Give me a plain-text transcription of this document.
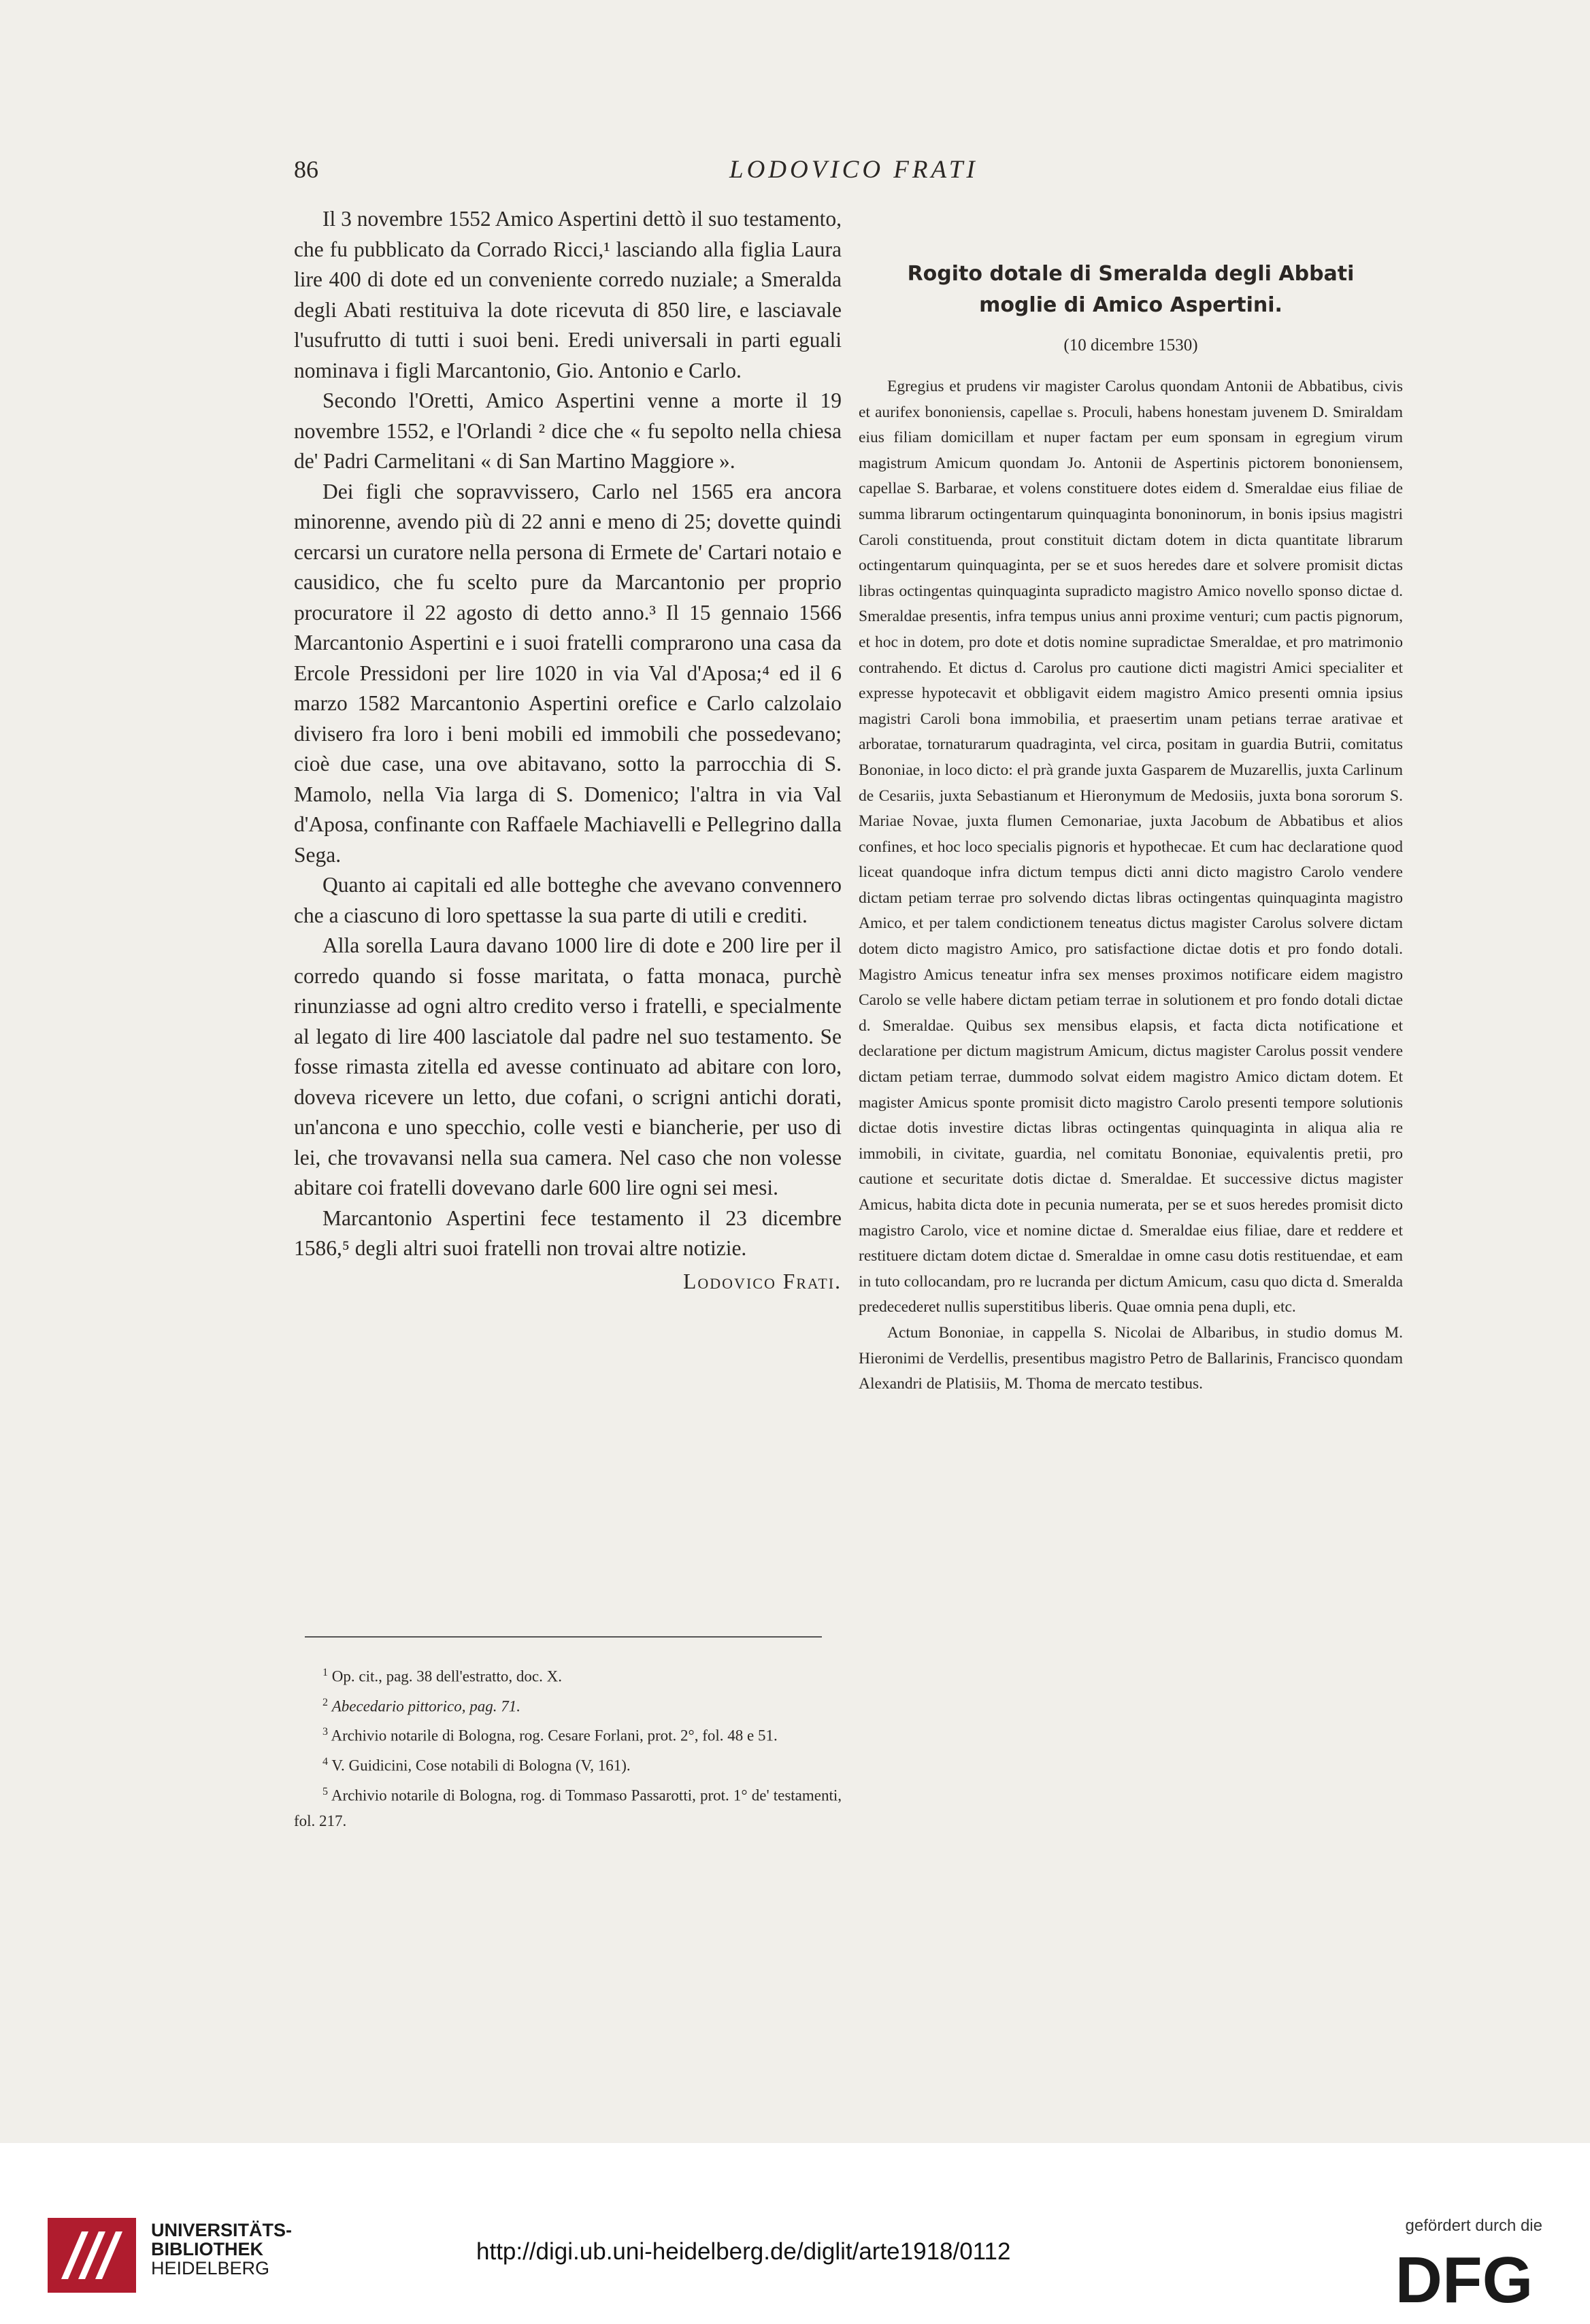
86	LODOVICO FRATI

Il 3 novembre 1552 Amico Aspertini dettò il suo testamento, che fu pubblicato da Corrado Ricci,¹ lasciando alla figlia Laura lire 400 di dote ed un conveniente corredo nuziale; a Smeralda degli Abati restituiva la dote ricevuta di 850 lire, e lasciavale l'usufrutto di tutti i suoi beni. Eredi universali in parti eguali nominava i figli Marcantonio, Gio. Antonio e Carlo.

Secondo l'Oretti, Amico Aspertini venne a morte il 19 novembre 1552, e l'Orlandi ² dice che « fu sepolto nella chiesa de' Padri Carmelitani « di San Martino Maggiore ».

Dei figli che sopravvissero, Carlo nel 1565 era ancora minorenne, avendo più di 22 anni e meno di 25; dovette quindi cercarsi un curatore nella persona di Ermete de' Cartari notaio e causidico, che fu scelto pure da Marcantonio per proprio procuratore il 22 agosto di detto anno.³ Il 15 gennaio 1566 Marcantonio Aspertini e i suoi fratelli comprarono una casa da Ercole Pressidoni per lire 1020 in via Val d'Aposa;⁴ ed il 6 marzo 1582 Marcantonio Aspertini orefice e Carlo calzolaio divisero fra loro i beni mobili ed immobili che possedevano; cioè due case, una ove abitavano, sotto la parrocchia di S. Mamolo, nella Via larga di S. Domenico; l'altra in via Val d'Aposa, confinante con Raffaele Machiavelli e Pellegrino dalla Sega.

Quanto ai capitali ed alle botteghe che avevano convennero che a ciascuno di loro spettasse la sua parte di utili e crediti.

Alla sorella Laura davano 1000 lire di dote e 200 lire per il corredo quando si fosse maritata, o fatta monaca, purchè rinunziasse ad ogni altro credito verso i fratelli, e specialmente al legato di lire 400 lasciatole dal padre nel suo testamento. Se fosse rimasta zitella ed avesse continuato ad abitare con loro, doveva ricevere un letto, due cofani, o scrigni antichi dorati, un'ancona e uno specchio, colle vesti e biancherie, per uso di lei, che trovavansi nella sua camera. Nel caso che non volesse abitare coi fratelli dovevano darle 600 lire ogni sei mesi.

Marcantonio Aspertini fece testamento il 23 dicembre 1586,⁵ degli altri suoi fratelli non trovai altre notizie.

Lodovico Frati.
$^1$ Op. cit., pag. 38 dell'estratto, doc. X.
$^2$ Abecedario pittorico, pag. 71.
$^3$ Archivio notarile di Bologna, rog. Cesare Forlani, prot. 2°, fol. 48 e 51.
$^4$ V. Guidicini, Cose notabili di Bologna (V, 161).
$^5$ Archivio notarile di Bologna, rog. di Tommaso Passarotti, prot. 1° de' testamenti, fol. 217.
Rogito dotale di Smeralda degli Abbati
moglie di Amico Aspertini.
(10 dicembre 1530)

Egregius et prudens vir magister Carolus quondam Antonii de Abbatibus, civis et aurifex bononiensis, capellae s. Proculi, habens honestam juvenem D. Smiraldam eius filiam domicillam et nuper factam per eum sponsam in egregium virum magistrum Amicum quondam Jo. Antonii de Aspertinis pictorem bononiensem, capellae S. Barbarae, et volens constituere dotes eidem d. Smeraldae eius filiae de summa librarum octingentarum quinquaginta bononinorum, in bonis ipsius magistri Caroli constituenda, prout constituit dictam dotem in dicta quantitate librarum octingentarum quinquaginta, per se et suos heredes dare et solvere promisit dictas libras octingentas quinquaginta supradicto magistro Amico novello sponso dictae d. Smeraldae presentis, infra tempus unius anni proxime venturi; cum pactis pignorum, et hoc in dotem, pro dote et dotis nomine supradictae Smeraldae, et pro matrimonio contrahendo. Et dictus d. Carolus pro cautione dicti magistri Amici specialiter et expresse hypotecavit et obbligavit eidem magistro Amico presenti omnia ipsius magistri Caroli bona immobilia, et praesertim unam petians terrae arativae et arboratae, tornaturarum quadraginta, vel circa, positam in guardia Butrii, comitatus Bononiae, in loco dicto: el prà grande juxta Gasparem de Muzarellis, juxta Carlinum de Cesariis, juxta Sebastianum et Hieronymum de Medosiis, juxta bona sororum S. Mariae Novae, juxta flumen Cemonariae, juxta Jacobum de Abbatibus et alios confines, et hoc loco specialis pignoris et hypothecae. Et cum hac declaratione quod liceat quandoque infra dictum tempus dicti anni dicto magistro Carolo vendere dictam petiam terrae pro solvendo dictas libras octingentas quinquaginta magistro Amico, et per talem condictionem teneatus dictus magister Carolus solvere dictam dotem dicto magistro Amico, pro satisfactione dictae dotis et pro fondo dotali. Magistro Amicus teneatur infra sex menses proximos notificare eidem magistro Carolo se velle habere dictam petiam terrae in solutionem et pro fondo dotali dictae d. Smeraldae. Quibus sex mensibus elapsis, et facta dicta notificatione et declaratione per dictum magistrum Amicum, dictus magister Carolus possit vendere dictam petiam terrae, dummodo solvat eidem magistro Amico dictam dotem. Et magister Amicus sponte promisit dicto magistro Carolo presenti tempore solutionis dictae dotis investire dictas libras octingentas quinquaginta in aliqua alia re immobili, in civitate, guardia, nel comitatu Bononiae, equivalentis pretii, pro cautione et securitate dotis dictae d. Smeraldae. Et successive dictus magister Amicus, habita dicta dote in pecunia numerata, per se et suos heredes promisit dicto magistro Carolo, vice et nomine dictae d. Smeraldae eius filiae, dare et reddere et restituere dictam dotem dictae d. Smeraldae in omne casu dotis restituendae, et eam in tuto collocandam, pro re lucranda per dictum Amicum, casu quo dicta d. Smeralda predecederet nullis superstitibus liberis. Quae omnia pena dupli, etc.

Actum Bononiae, in cappella S. Nicolai de Albaribus, in studio domus M. Hieronimi de Verdellis, presentibus magistro Petro de Ballarinis, Francisco quondam Alexandri de Platisiis, M. Thoma de mercato testibus.

UNIVERSITÄTS-
BIBLIOTHEK
HEIDELBERG
http://digi.ub.uni-heidelberg.de/diglit/arte1918/0112
gefördert durch die
DFG
